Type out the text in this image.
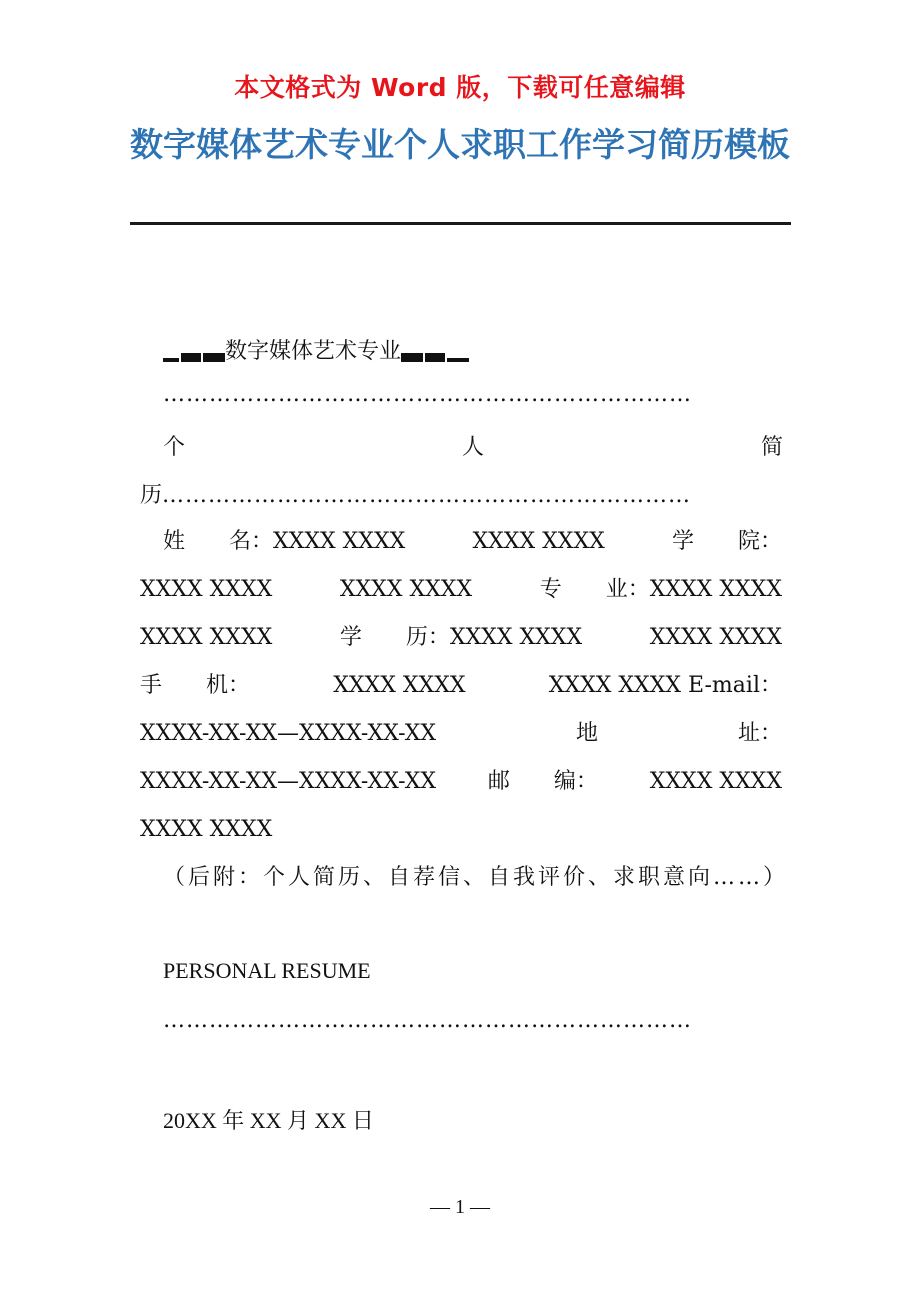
本文格式为 Word 版，下载可任意编辑
数字媒体艺术专业个人求职工作学习简历模板
数字媒体艺术专业
……………………………………………………………
个	人	简
历……………………………………………………………
姓　　名：XXXX XXXX	XXXX XXXX	学　　院：
XXXX XXXX	XXXX XXXX	专　　业：XXXX XXXX
XXXX XXXX	学　　历：XXXX XXXX	XXXX XXXX
手　　机：	XXXX XXXX	XXXX XXXX E-mail：
XXXX-XX-XX—XXXX-XX-XX	地	址：
XXXX-XX-XX—XXXX-XX-XX 邮　　编： XXXX XXXX
XXXX XXXX
（后附：个人简历、自荐信、自我评价、求职意向……）
PERSONAL RESUME
……………………………………………………………
20XX 年 XX 月 XX 日
— 1 —
